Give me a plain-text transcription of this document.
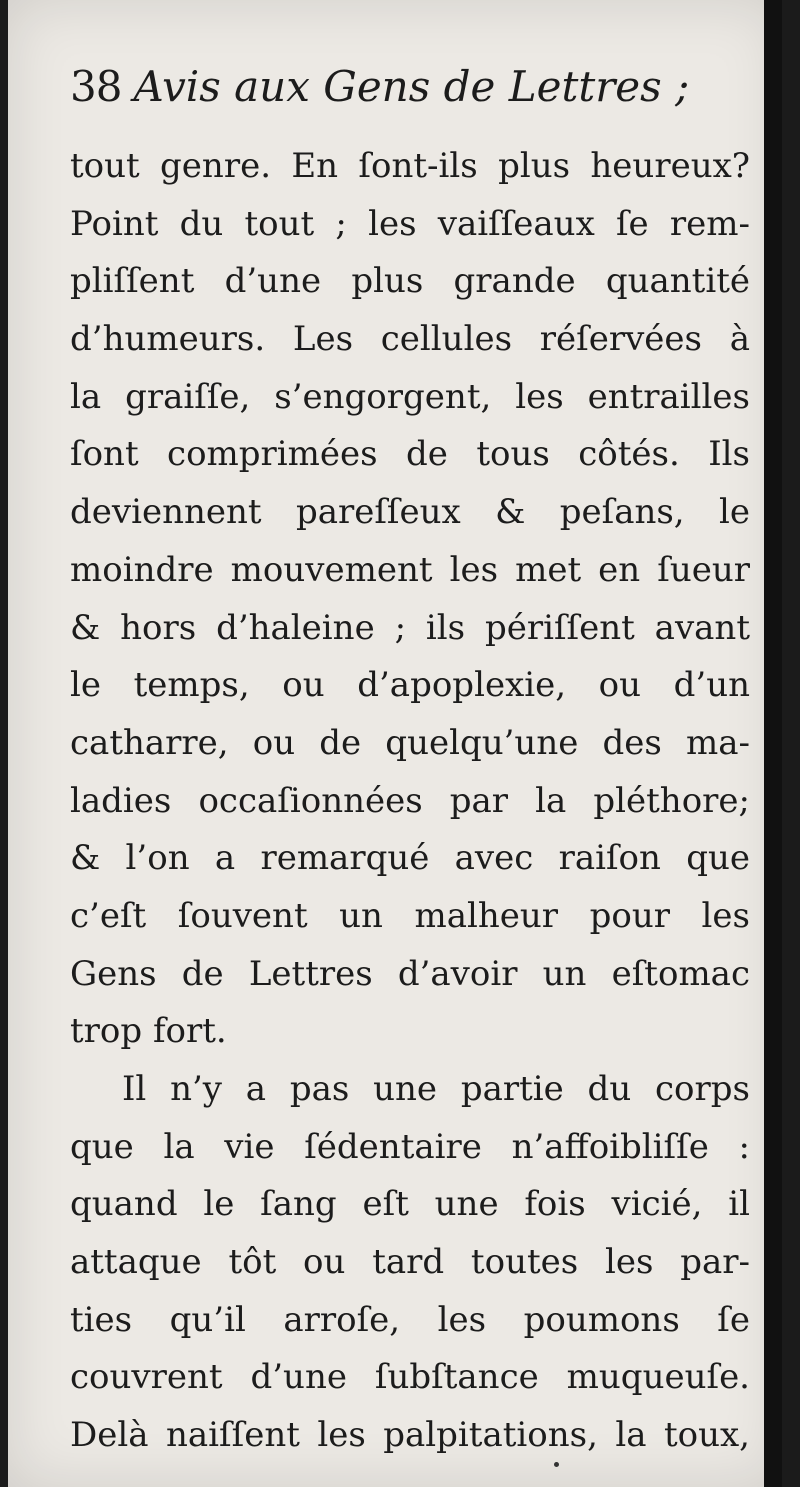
38 Avis aux Gens de Lettres ;
tout genre. En ſont-ils plus heureux?
Point du tout ; les vaiſſeaux ſe rem-
pliſſent d’une plus grande quantité
d’humeurs. Les cellules réſervées à
la graiſſe, s’engorgent, les entrailles
ſont comprimées de tous côtés. Ils
deviennent pareſſeux & peſans, le
moindre mouvement les met en ſueur
& hors d’haleine ; ils périſſent avant
le temps, ou d’apoplexie, ou d’un
catharre, ou de quelqu’une des ma-
ladies occaſionnées par la pléthore;
& l’on a remarqué avec raiſon que
c’eſt ſouvent un malheur pour les
Gens de Lettres d’avoir un eſtomac
trop fort.
Il n’y a pas une partie du corps
que la vie ſédentaire n’affoibliſſe :
quand le ſang eſt une fois vicié, il
attaque tôt ou tard toutes les par-
ties qu’il arroſe, les poumons ſe
couvrent d’une ſubſtance muqueuſe.
Delà naiſſent les palpitations, la toux,
